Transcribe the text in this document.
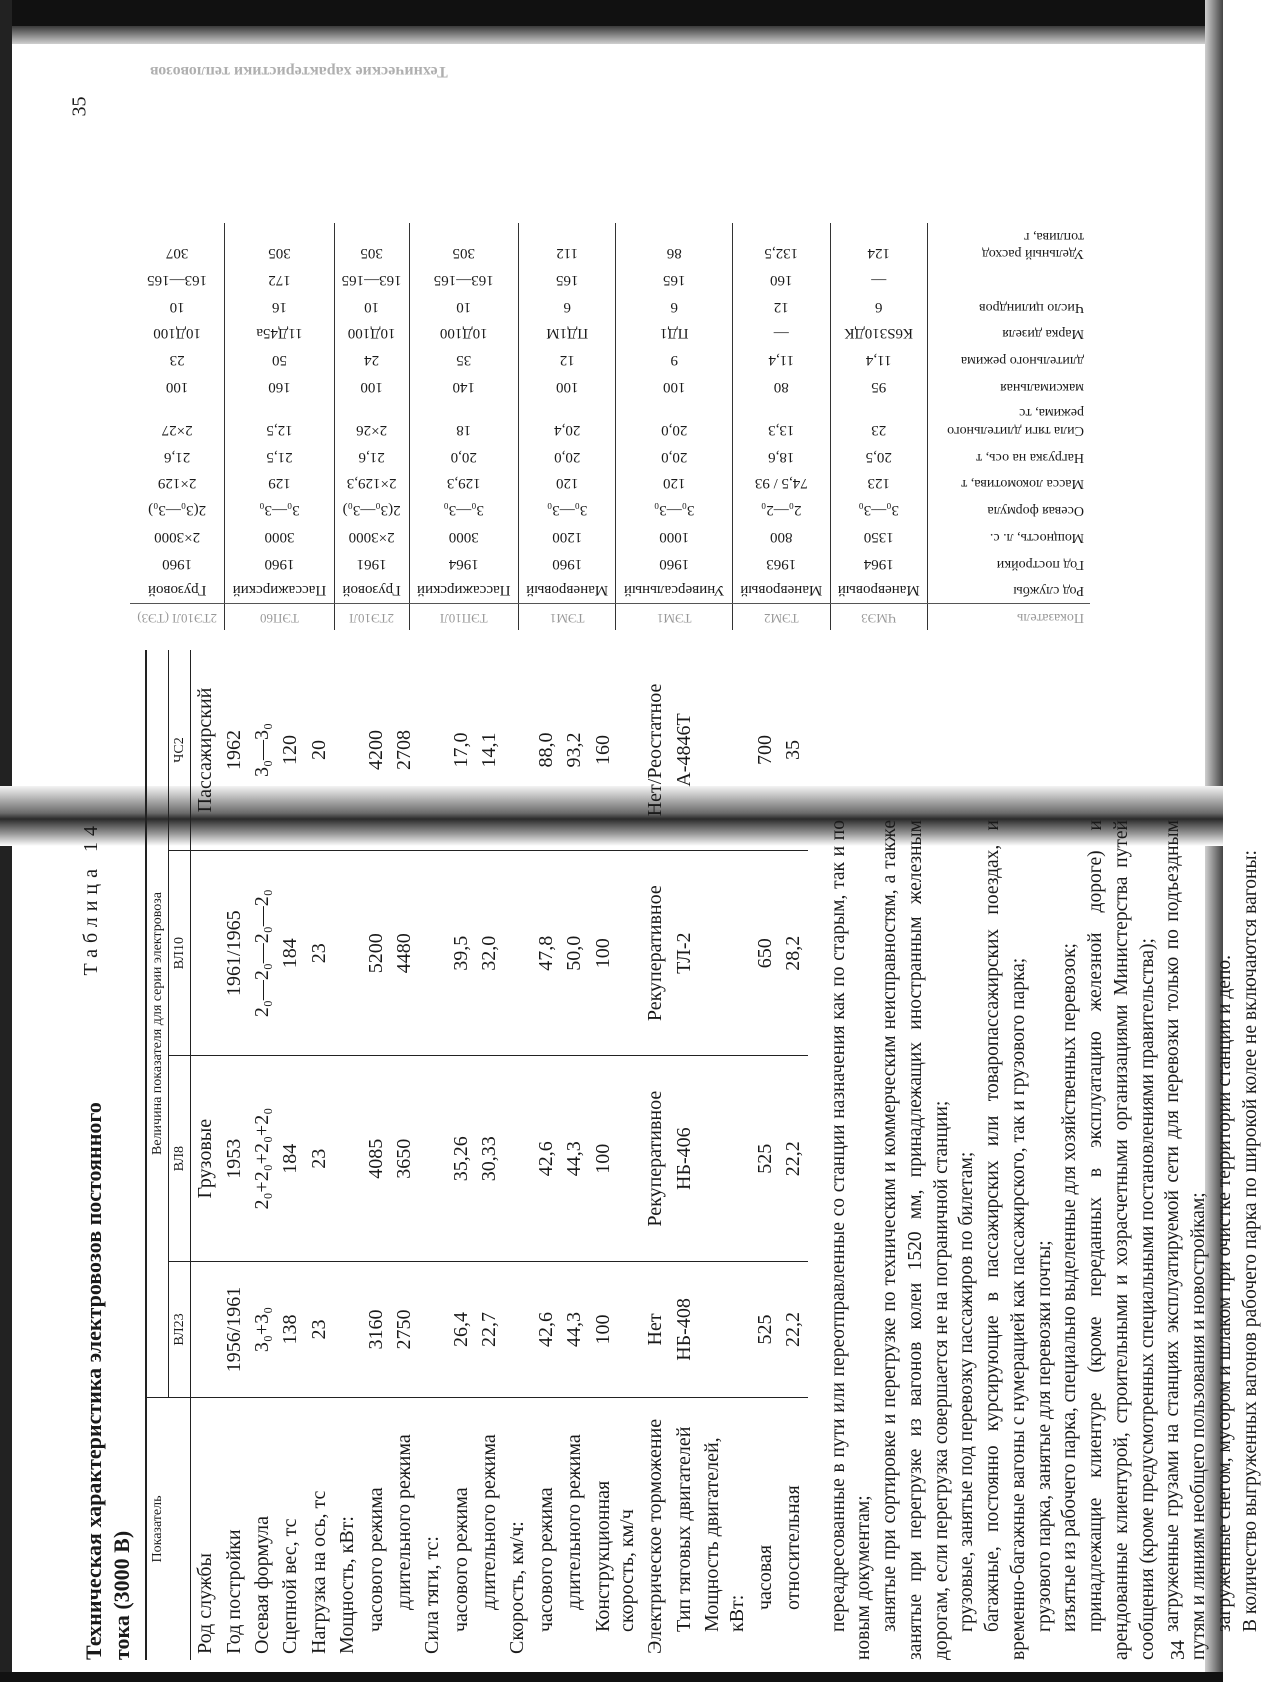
35
Технические характеристики тепловозов
Показатель	ЧМЭ3	ТЭМ2	ТЭМ1	ТЭМ1	ТЭП10Л	2ТЭ10Л	ТЭП60	2ТЭ10Л (ТЭ3)
Род службы	Маневровый	Маневровый	Универсальный	Маневровый	Пассажирский	Грузовой	Пассажирский	Грузовой
Год постройки	1964	1963	1960	1960	1964	1961	1960	1960
Мощность, л. с.	1350	800	1000	1200	3000	2×3000	3000	2×3000
Осевая формула	3₀—3₀	2₀—2₀	3₀—3₀	3₀—3₀	3₀—3₀	2(3₀—3₀)	3₀—3₀	2(3₀—3₀)
Масса локомотива, т	123	74,5 / 93	120	120	129,3	2×129,3	129	2×129
Нагрузка на ось, т	20,5	18,6	20,0	20,0	20,0	21,6	21,5	21,6
Сила тяги длительного режима, тс	23	13,3	20,0	20,4	18	2×26	12,5	2×27
максимальная	95	80	100	100	140	100	160	100
длительного режима	11,4	11,4	9	12	35	24	50	23
Марка дизеля	К6S310ДК	—	ПД1	ПД1М	10Д100	10Д100	11Д45а	10Д100
Число цилиндров	6	12	6	6	10	10	16	10
	—	160	165	165	163—165	163—165	172	163—165
Удельный расход топлива, г	124	132,5	86	112	305	305	305	307
Таблица 14
Техническая характеристика электровозов постоянного тока (3000 В)
Показатель	Величина показателя для серии электровоза			
	ВЛ23	ВЛ8	ВЛ10	ЧС2
Род службы		Грузовые		Пассажирский
Год постройки	1956/1961	1953	1961/1965	1962
Осевая формула	3₀+3₀	2₀+2₀+2₀+2₀	2₀—2₀—2₀—2₀	3₀—3₀
Сцепной вес, тс	138	184	184	120
Нагрузка на ось, тс	23	23	23	20
Мощность, кВт:				
часового режима	3160	4085	5200	4200
длительного режима	2750	3650	4480	2708
Сила тяги, тс:				
часового режима	26,4	35,26	39,5	17,0
длительного режима	22,7	30,33	32,0	14,1
Скорость, км/ч:				
часового режима	42,6	42,6	47,8	88,0
длительного режима	44,3	44,3	50,0	93,2
Конструкционная скорость, км/ч	100	100	100	160
Электрическое торможение	Нет	Рекуперативное	Рекуперативное	Нет/Реостатное
Тип тяговых двигателей	НБ-408	НБ-406	ТЛ-2	А-4846Т
Мощность двигателей, кВт:				
часовая	525	525	650	700
относительная	22,2	22,2	28,2	35

переадресованные в пути или переотправленные со станции назначения как по старым, так и по новым документам; занятые при сортировке и перегрузке по техническим и коммерческим неисправностям, а также занятые при перегрузке из вагонов колеи 1520 мм, принадлежащих иностранным железным дорогам, если перегрузка совершается не на пограничной станции; грузовые, занятые под перевозку пассажиров по билетам; багажные, постоянно курсирующие в пассажирских или товаропассажирских поездах, и временно-багажные вагоны с нумерацией как пассажирского, так и грузового парка; грузового парка, занятые для перевозки почты; изъятые из рабочего парка, специально выделенные для хозяйственных перевозок; принадлежащие клиентуре (кроме переданных в эксплуатацию железной дороге) и арендованные клиентурой, строительными и хозрасчетными организациями Министерства путей сообщения (кроме предусмотренных специальными постановлениями правительства); загруженные грузами на станциях эксплуатируемой сети для перевозки только по подъездным путям и линиям необщего пользования и новостройкам; загруженные снегом, мусором и шлаком при очистке территории станции и депо. В количество выгруженных вагонов рабочего парка по широкой колее не включаются вагоны:

34
